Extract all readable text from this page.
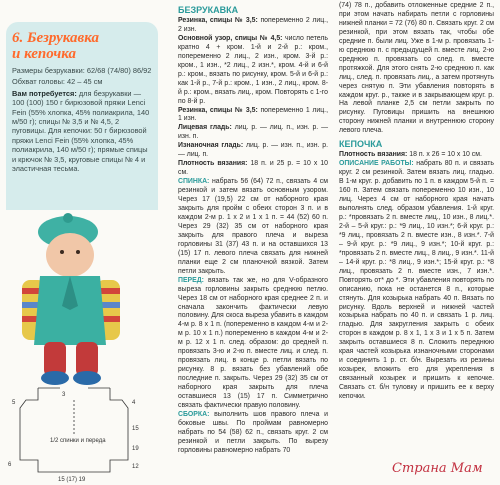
6. Безрукавка
и кепочка
Размеры безрукавки: 62/68 (74/80) 86/92
Обхват головы: 42 – 45 см
Вам потребуется: для безрукавки — 100 (100) 150 г бирюзовой пряжи Lenci Fein (55% хлопка, 45% полиакрила, 140 м/50 г); спицы № 3,5 и № 4,5, 2 пуговицы. Для кепочки: 50 г бирюзовой пряжи Lenci Fein (55% хлопка, 45% полиакрила, 140 м/50 г); прямые спицы и крючок № 3,5, круговые спицы № 4 и эластичная тесьма.
3
4
5
1/2 спинки и переда
15
19
6	12
15 (17) 19
БЕЗРУКАВКА

Резинка, спицы № 3,5: попеременно 2 лиц., 2 изн.

Основной узор, спицы № 4,5: число петель кратно 4 + кром. 1-й и 2-й р.: кром., попеременно 2 лиц., 2 изн., кром. 3-й р.: кром., 1 изн., *2 лиц., 2 изн.*, кром. 4-й и 6-й р.: кром., вязать по рисунку, кром. 5-й и 6-й р.: как 1-й р., 7-й р.: кром., 1 изн., 2 лиц., кром. 8-й р.: кром., вязать лиц., кром. Повторять с 1-го по 8-й р.

Резинка, спицы № 3,5: попеременно 1 лиц., 1 изн.

Лицевая гладь: лиц. р. — лиц. п., изн. р. — изн. п.

Изнаночная гладь: лиц. р. — изн. п., изн. р. — лиц. п.

Плотность вязания: 18 п. и 25 р. = 10 х 10 см.

СПИНКА: набрать 56 (64) 72 п., связать 4 см резинкой и затем вязать основным узором. Через 17 (19,5) 22 см от наборного края закрыть для пройм с обеих сторон 3 п. и в каждом 2-м р. 1 х 2 и 1 х 1 п. = 44 (52) 60 п. Через 29 (32) 35 см от наборного края закрыть для правого плеча и выреза горловины 31 (37) 43 п. и на оставшихся 13 (15) 17 п. левого плеча связать для нижней планки еще 2 см планочной вязкой. Затем петли закрыть.

ПЕРЕД: вязать так же, но для V-образного выреза горловины закрыть среднюю петлю. Через 18 см от наборного края среднее 2 п. и сначала закончить фактически левую половину. Для скоса выреза убавить в каждом 4-м р. 8 х 1 п. (попеременно в каждом 4-м и 2-м р. 10 х 1 п.) попеременно в каждом 4-м и 2-м р. 12 х 1 п. след. образом: до средней п. провязать 3-ю и 2-ю п. вместе лиц. и след. п. провязать лиц. в конце р. петли вязать по рисунку. 8 р. вязать без убавлений обе последние п. закрыть. Через 29 (32) 35 см от наборного края закрыть для плеча оставшиеся 13 (15) 17 п. Симметрично связать фактически правую половину.

СБОРКА: выполнить шов правого плеча и боковые швы. По проймам равномерно набрать по 54 (58) 62 п., связать круг. 2 см резинкой и петли закрыть. По вырезу горловины равномерно набрать 70

(74) 78 п., добавить отложенные средние 2 п., при этом начать набирать петли с горловины нижней планки = 72 (76) 80 п. Связать круг. 2 см резинкой, при этом вязать так, чтобы обе средние п. были лиц. Уже в 1-м р. провязать 1-ю среднюю п. с предыдущей п. вместе лиц. 2-ю среднюю п. провязать со след. п. вместе протяжкой. Для этого снять 2-ю среднюю п. как лиц., след. п. провязать лиц., а затем протянуть через снятую п. Эти убавления повторять в каждом круг. р., также и в закрывающем круг. р. На левой планке 2,5 см петли закрыть по рисунку. Пуговицы пришить на внешнюю сторону нижней планки и внутреннюю сторону левого плеча.

КЕПОЧКА

Плотность вязания: 18 п. х 26 = 10 х 10 см.

ОПИСАНИЕ РАБОТЫ: набрать 80 п. и связать круг. 2 см резинкой. Затем вязать лиц. гладью. В 1-м круг. р. добавить по 1 п. в каждом 5-й п. = 160 п. Затем связать попеременно 10 изн., 10 лиц. Через 4 см от наборного края начать выполнять след. образом убавления. 1-й круг. р.: *провязать 2 п. вместе лиц., 10 изн., 8 лиц.*. 2-й – 5-й круг.: р.: *9 лиц., 10 изн.*; 6-й круг. р.: *9 лиц., провязать 2 п. вместе изн., 8 изн.*. 7-й – 9-й круг. р.: *9 лиц., 9 изн.*; 10-й круг. р.: *провязать 2 п. вместе лиц., 8 лиц., 9 изн.*. 11-й – 14-й круг. р.: *8 лиц., 9 изн.*; 15-й круг. р.: *8 лиц., провязать 2 п. вместе изн., 7 изн.*. Повторять от* до *. Эти убавления повторять по описанию, пока не останется 8 п., которые стянуть. Для козырька набрать 40 п. Вязать по рисунку. Вдоль верхней и нижней частей козырька набрать по 40 п. и связать 1 р. лиц. гладью. Для закругления закрыть с обеих сторон в каждом р. 8 х 1, 1 х 3 и 1 х 5 п. Затем закрыть оставшиеся 8 п. Сложить переднюю края частей козырька изнаночными сторонами и соединить 1 р. ст. б/н. Вырезать из резины козырек, вложить его для укрепления в связанный козырек и пришить к кепочке. Связать ст. б/н туловку и пришить ее к верху кепочки.

Страна Мам
